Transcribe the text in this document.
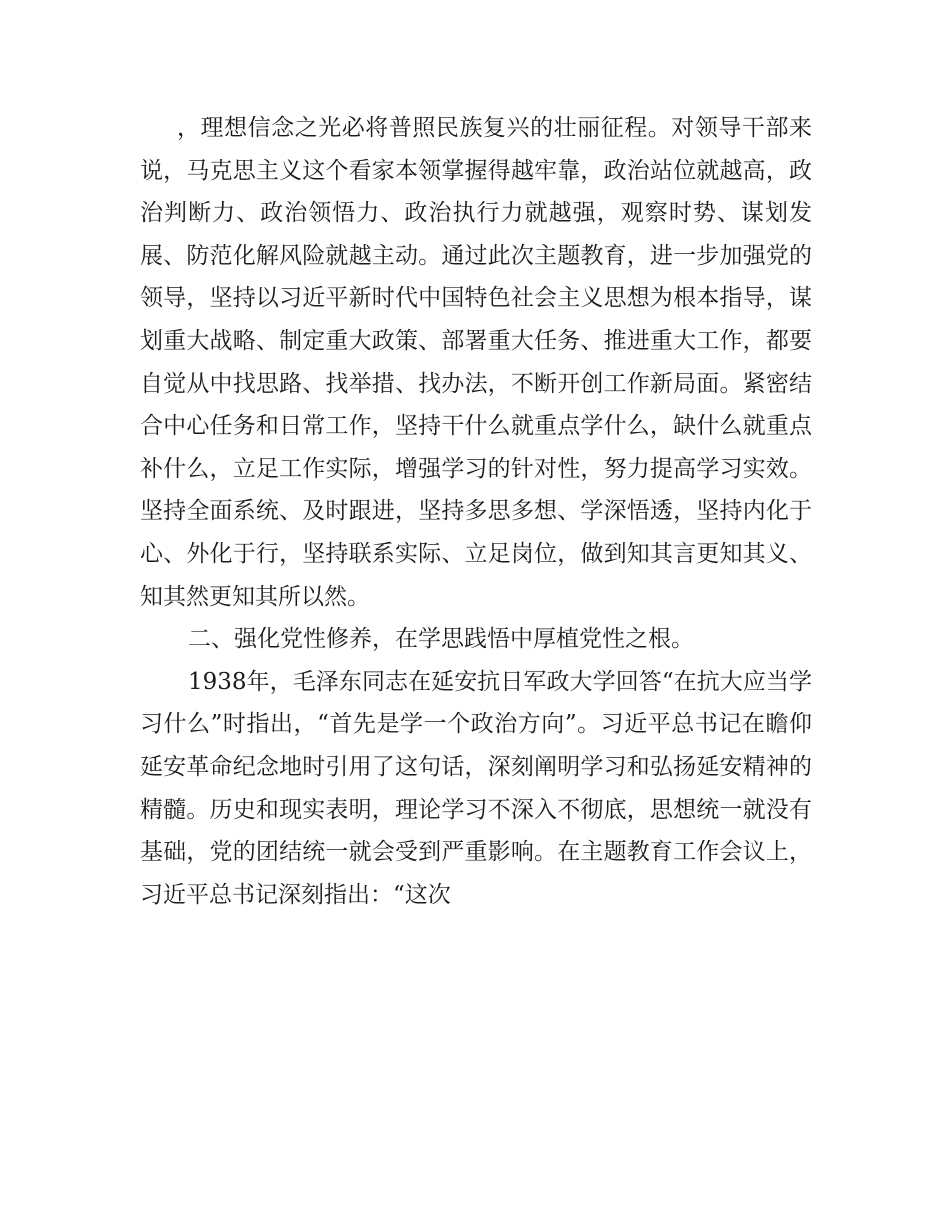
，理想信念之光必将普照民族复兴的壮丽征程。对领导干部来说，马克思主义这个看家本领掌握得越牢靠，政治站位就越高，政治判断力、政治领悟力、政治执行力就越强，观察时势、谋划发展、防范化解风险就越主动。通过此次主题教育，进一步加强党的领导，坚持以习近平新时代中国特色社会主义思想为根本指导，谋划重大战略、制定重大政策、部署重大任务、推进重大工作，都要自觉从中找思路、找举措、找办法，不断开创工作新局面。紧密结合中心任务和日常工作，坚持干什么就重点学什么，缺什么就重点补什么，立足工作实际，增强学习的针对性，努力提高学习实效。坚持全面系统、及时跟进，坚持多思多想、学深悟透，坚持内化于心、外化于行，坚持联系实际、立足岗位，做到知其言更知其义、知其然更知其所以然。

二、强化党性修养，在学思践悟中厚植党性之根。

1938年，毛泽东同志在延安抗日军政大学回答“在抗大应当学习什么”时指出，“首先是学一个政治方向”。习近平总书记在瞻仰延安革命纪念地时引用了这句话，深刻阐明学习和弘扬延安精神的精髓。历史和现实表明，理论学习不深入不彻底，思想统一就没有基础，党的团结统一就会受到严重影响。在主题教育工作会议上，习近平总书记深刻指出：“这次
